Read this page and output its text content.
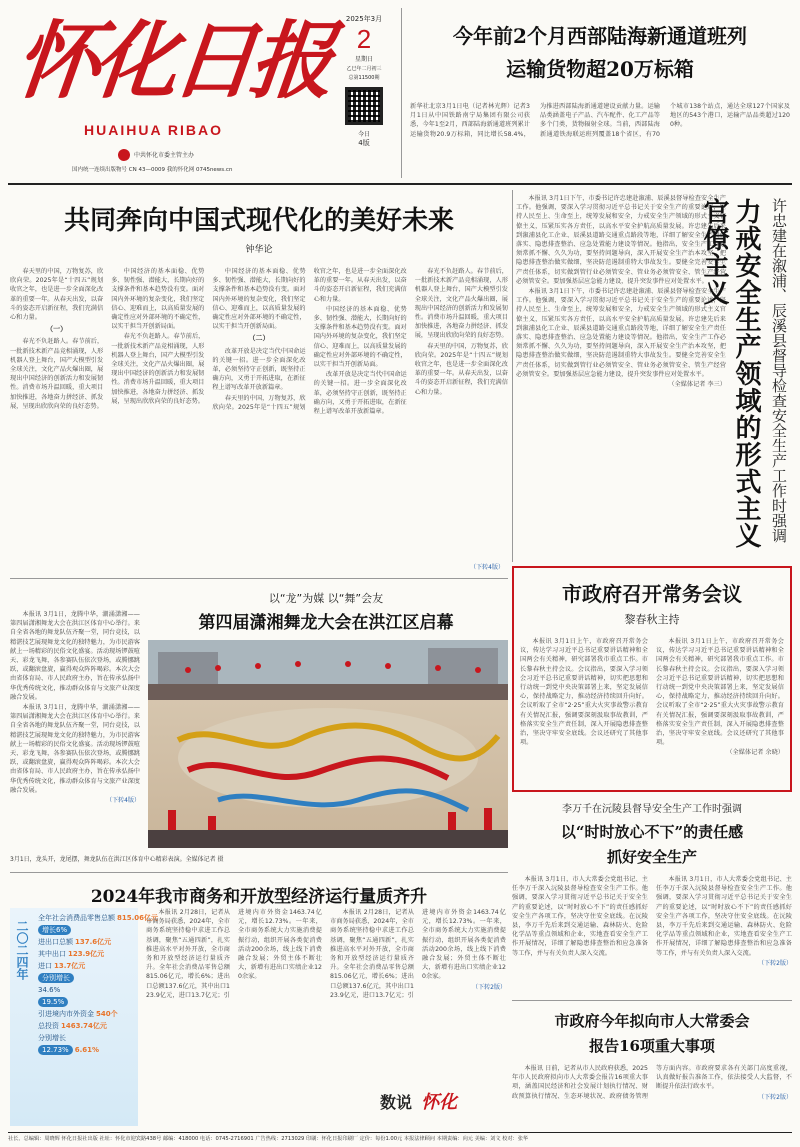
怀化日报
HUAIHUA RIBAO
中共怀化市委主管主办
国内统一连续出版物号 CN 43—0009 我的怀化网 0745news.cn
2025年3月
2
星期日
乙巳年二月初三
总第11500期
今日
4版
今年前2个月西部陆海新通道班列
运输货物超20万标箱
新华社北京3月1日电（记者林光辉）记者3月1日从中国铁路南宁局集团有限公司获悉，今年1至2月，西部陆海新通道班列累计运输货物20.9万标箱，同比增长58.4%，为推进西部陆海新通道建设贡献力量。运输品类涵盖电子产品、汽车配件、化工产品等多个门类，货物辐射全球。当前，西部陆海新通道铁海联运班列覆盖18个省区，有70个城市138个站点，通达全球127个国家及地区的543个港口，运输产品品类超过1200种。
共同奔向中国式现代化的美好未来
钟华论

春天里的中国，万物复苏，欣欣向荣。2025年是“十四五”规划收官之年，也是进一步全面深化改革的重要一年。从春天出发，以奋斗的姿态开启新征程，我们充满信心和力量。

（一）

春光不负赶路人。春节前后，一批新技术新产品竞相涌现，人形机器人登上舞台，国产大模型引发全球关注，文化产品火爆出圈，展现出中国经济的创新活力和发展韧性。消费市场升温回暖，重大项目加快推进，各地奋力拼经济、抓发展，呈现出欣欣向荣的良好态势。

中国经济的基本面稳、优势多、韧性强、潜能大，长期向好的支撑条件和基本趋势没有变。面对国内外环境的复杂变化，我们坚定信心、迎难而上，以高质量发展的确定性应对外部环境的不确定性，以实干担当开创新局面。

春光不负赶路人。春节前后，一批新技术新产品竞相涌现，人形机器人登上舞台，国产大模型引发全球关注，文化产品火爆出圈，展现出中国经济的创新活力和发展韧性。消费市场升温回暖，重大项目加快推进，各地奋力拼经济、抓发展，呈现出欣欣向荣的良好态势。

中国经济的基本面稳、优势多、韧性强、潜能大，长期向好的支撑条件和基本趋势没有变。面对国内外环境的复杂变化，我们坚定信心、迎难而上，以高质量发展的确定性应对外部环境的不确定性，以实干担当开创新局面。

（二）

改革开放是决定当代中国命运的关键一招。进一步全面深化改革，必须坚持守正创新，既坚持正确方向，又勇于开拓进取，在新征程上谱写改革开放新篇章。

春天里的中国，万物复苏，欣欣向荣。2025年是“十四五”规划收官之年，也是进一步全面深化改革的重要一年。从春天出发，以奋斗的姿态开启新征程，我们充满信心和力量。

中国经济的基本面稳、优势多、韧性强、潜能大，长期向好的支撑条件和基本趋势没有变。面对国内外环境的复杂变化，我们坚定信心、迎难而上，以高质量发展的确定性应对外部环境的不确定性，以实干担当开创新局面。

改革开放是决定当代中国命运的关键一招。进一步全面深化改革，必须坚持守正创新，既坚持正确方向，又勇于开拓进取，在新征程上谱写改革开放新篇章。

春光不负赶路人。春节前后，一批新技术新产品竞相涌现，人形机器人登上舞台，国产大模型引发全球关注，文化产品火爆出圈，展现出中国经济的创新活力和发展韧性。消费市场升温回暖，重大项目加快推进，各地奋力拼经济、抓发展，呈现出欣欣向荣的良好态势。

春天里的中国，万物复苏，欣欣向荣。2025年是“十四五”规划收官之年，也是进一步全面深化改革的重要一年。从春天出发，以奋斗的姿态开启新征程，我们充满信心和力量。

（下转4版）

本报讯 3月1日下午，市委书记许忠建赴溆浦、辰溪县督导检查安全生产工作。他强调，要深入学习贯彻习近平总书记关于安全生产的重要论述，坚持人民至上、生命至上，统筹发展和安全，力戒安全生产领域的形式主义官僚主义，压紧压实各方责任，以高水平安全护航高质量发展。许忠建先后来到溆浦县化工企业、辰溪县道路交通重点路段等地，详细了解安全生产责任落实、隐患排查整治、应急处置能力建设等情况。他指出，安全生产工作必须常抓不懈、久久为功，要坚持问题导向，深入开展安全生产治本攻坚，把隐患排查整治做实做细，坚决防范遏制重特大事故发生。要健全完善安全生产责任体系，切实做到管行业必须管安全、管业务必须管安全、管生产经营必须管安全。要加强基层应急能力建设，提升突发事件应对处置水平。

本报讯 3月1日下午，市委书记许忠建赴溆浦、辰溪县督导检查安全生产工作。他强调，要深入学习贯彻习近平总书记关于安全生产的重要论述，坚持人民至上、生命至上，统筹发展和安全，力戒安全生产领域的形式主义官僚主义，压紧压实各方责任，以高水平安全护航高质量发展。许忠建先后来到溆浦县化工企业、辰溪县道路交通重点路段等地，详细了解安全生产责任落实、隐患排查整治、应急处置能力建设等情况。他指出，安全生产工作必须常抓不懈、久久为功，要坚持问题导向，深入开展安全生产治本攻坚，把隐患排查整治做实做细，坚决防范遏制重特大事故发生。要健全完善安全生产责任体系，切实做到管行业必须管安全、管业务必须管安全、管生产经营必须管安全。要加强基层应急能力建设，提升突发事件应对处置水平。

（全媒体记者 李三） 力戒安全生产领域的形式主义官僚主义	许忠建在溆浦、辰溪县督导检查安全生产工作时强调

本报讯 3月1日，龙腾中华，潮涌潇湘——第四届潇湘舞龙大会在洪江区体育中心举行。来自全省各地的舞龙队伍齐聚一堂，同台竞技，以精湛技艺展现舞龙文化的独特魅力，为市民游客献上一场精彩的民俗文化盛宴。活动现场锣鼓喧天、彩龙飞舞，各参赛队伍依次登场，或腾挪跳跃，或翻滚盘旋，赢得观众阵阵喝彩。本次大会由省体育局、市人民政府主办，旨在传承弘扬中华优秀传统文化，推动群众体育与文旅产业深度融合发展。

本报讯 3月1日，龙腾中华，潮涌潇湘——第四届潇湘舞龙大会在洪江区体育中心举行。来自全省各地的舞龙队伍齐聚一堂，同台竞技，以精湛技艺展现舞龙文化的独特魅力，为市民游客献上一场精彩的民俗文化盛宴。活动现场锣鼓喧天、彩龙飞舞，各参赛队伍依次登场，或腾挪跳跃，或翻滚盘旋，赢得观众阵阵喝彩。本次大会由省体育局、市人民政府主办，旨在传承弘扬中华优秀传统文化，推动群众体育与文旅产业深度融合发展。

（下转4版）
以“龙”为媒 以“舞”会友
第四届潇湘舞龙大会在洪江区启幕
3月1日，龙头开，龙尾摆，舞龙队伍在洪江区体育中心精彩表演。全媒体记者 摄
市政府召开常务会议
黎春秋主持

本报讯 3月1日上午，市政府召开常务会议，传达学习习近平总书记重要讲话精神和全国两会有关精神，研究部署我市重点工作。市长黎春秋主持会议。会议指出，要深入学习领会习近平总书记重要讲话精神，切实把思想和行动统一到党中央决策部署上来，坚定发展信心，保持战略定力，推动经济持续回升向好。会议听取了全市“2·25”重大火灾事故警示教育有关情况汇报，强调要深刻汲取事故教训，严格落实安全生产责任制，深入开展隐患排查整治，坚决守牢安全底线。会议还研究了其他事项。

本报讯 3月1日上午，市政府召开常务会议，传达学习习近平总书记重要讲话精神和全国两会有关精神，研究部署我市重点工作。市长黎春秋主持会议。会议指出，要深入学习领会习近平总书记重要讲话精神，切实把思想和行动统一到党中央决策部署上来，坚定发展信心，保持战略定力，推动经济持续回升向好。会议听取了全市“2·25”重大火灾事故警示教育有关情况汇报，强调要深刻汲取事故教训，严格落实安全生产责任制，深入开展隐患排查整治，坚决守牢安全底线。会议还研究了其他事项。

（全媒体记者 余晓）
李万千在沅陵县督导安全生产工作时强调
以“时时放心不下”的责任感
抓好安全生产

本报讯 3月1日，市人大常委会党组书记、主任李万千深入沅陵县督导检查安全生产工作。他强调，要深入学习贯彻习近平总书记关于安全生产的重要论述，以“时时放心不下”的责任感抓好安全生产各项工作，坚决守住安全底线。在沅陵县，李万千先后来到交通运输、森林防火、危险化学品等重点领域和企业，实地查看安全生产工作开展情况，详细了解隐患排查整治和应急准备等工作，并与有关负责人深入交流。

本报讯 3月1日，市人大常委会党组书记、主任李万千深入沅陵县督导检查安全生产工作。他强调，要深入学习贯彻习近平总书记关于安全生产的重要论述，以“时时放心不下”的责任感抓好安全生产各项工作，坚决守住安全底线。在沅陵县，李万千先后来到交通运输、森林防火、危险化学品等重点领域和企业，实地查看安全生产工作开展情况，详细了解隐患排查整治和应急准备等工作，并与有关负责人深入交流。

（下转2版）
2024年我市商务和开放型经济运行量质齐升
二〇二四年
全年社会消费品零售总额 815.06亿元
增长6%
进出口总额 137.6亿元
其中出口 123.9亿元
进口 13.7亿元
分别增长
34.6%
19.5%
引进境内市外资金 540个
总投资 1463.74亿元
分别增长
12.73% 6.61%

本报讯 2月28日，记者从市商务局获悉，2024年，全市商务系统坚持稳中求进工作总基调，聚焦“五通四新”，扎实推进高水平对外开放，全市商务和开放型经济运行量质齐升。全年社会消费品零售总额815.06亿元，增长6%；进出口总额137.6亿元，其中出口123.9亿元，进口13.7亿元；引进境内市外资金1463.74亿元，增长12.73%。一年来，全市商务系统大力实施消费提振行动，组织开展各类促消费活动200余场，线上线下消费融合发展；外贸主体不断壮大，新增有进出口实绩企业120余家。

本报讯 2月28日，记者从市商务局获悉，2024年，全市商务系统坚持稳中求进工作总基调，聚焦“五通四新”，扎实推进高水平对外开放，全市商务和开放型经济运行量质齐升。全年社会消费品零售总额815.06亿元，增长6%；进出口总额137.6亿元，其中出口123.9亿元，进口13.7亿元；引进境内市外资金1463.74亿元，增长12.73%。一年来，全市商务系统大力实施消费提振行动，组织开展各类促消费活动200余场，线上线下消费融合发展；外贸主体不断壮大，新增有进出口实绩企业120余家。

（下转2版）
数说 怀化
市政府今年拟向市人大常委会
报告16项重大事项

本报讯 日前，记者从市人民政府获悉，2025年市人民政府拟向市人大常委会报告16项重大事项，涵盖国民经济和社会发展计划执行情况、财政预算执行情况、生态环境状况、政府债务管理等方面内容。市政府要求各有关部门高度重视，认真做好报告准备工作，依法接受人大监督，不断提升依法行政水平。

（下转2版）
社长、总编辑：周晓辉 怀化日报社出版 社址：怀化市迎宾路438号 邮编：418000 电话：0745-2716901 广告热线：2713029 印刷：怀化日报印刷厂 定价：每份1.00元 本报法律顾问 本期责编：向元 美编：刘文 校对：张华
